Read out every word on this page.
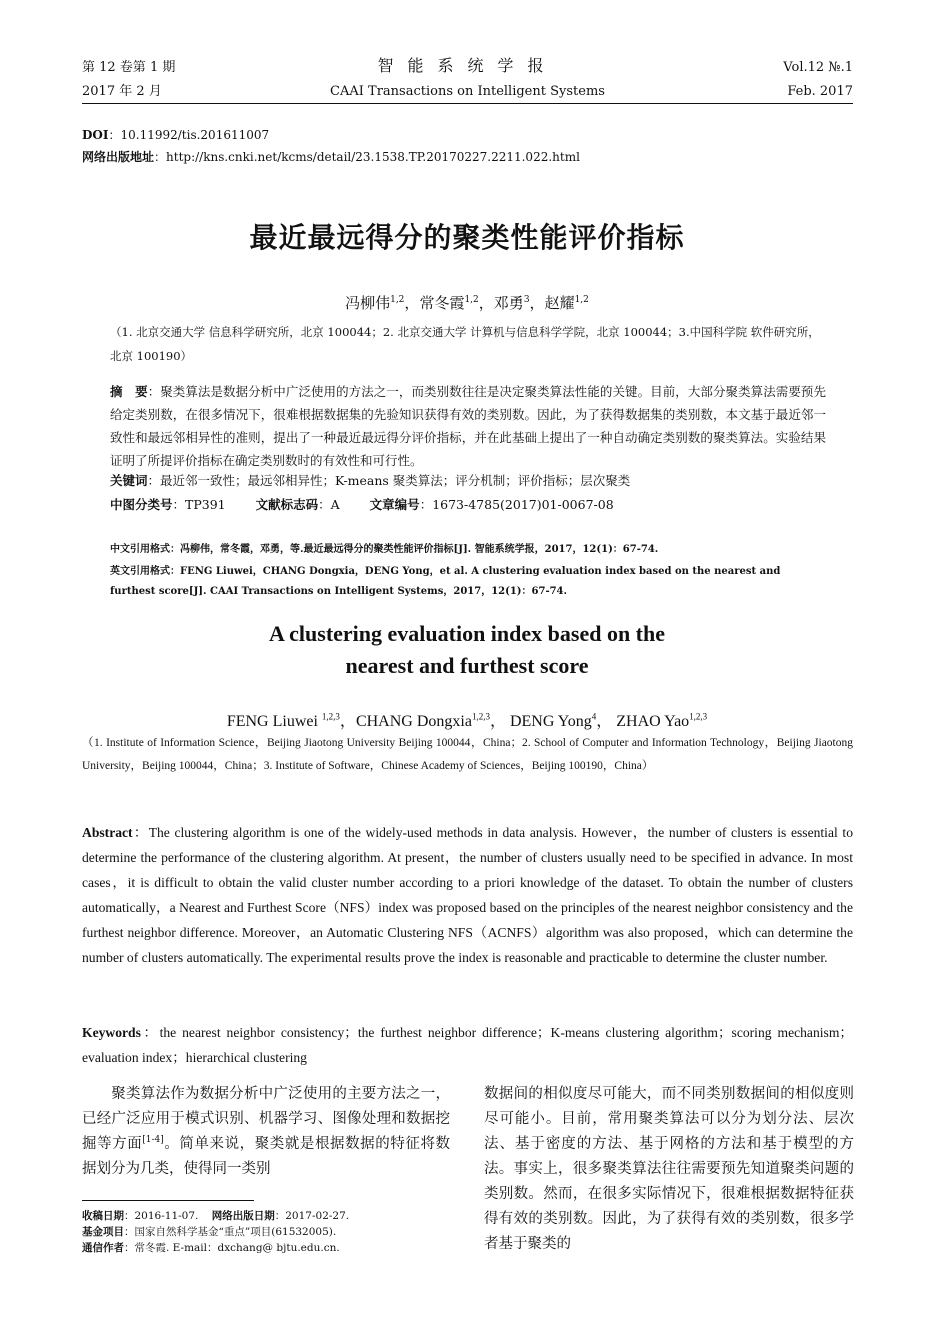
第 12 卷第 1 期	智能系统学报	Vol.12 №.1
2017 年 2 月	CAAI Transactions on Intelligent Systems	Feb. 2017
DOI：10.11992/tis.201611007
网络出版地址：http://kns.cnki.net/kcms/detail/23.1538.TP.20170227.2211.022.html
最近最远得分的聚类性能评价指标
冯柳伟$^{1,2}$，常冬霞$^{1,2}$，邓勇$^3$，赵耀$^{1,2}$
（1. 北京交通大学 信息科学研究所，北京 100044；2. 北京交通大学 计算机与信息科学学院，北京 100044；3.中国科学院 软件研究所，北京 100190）
摘　要：聚类算法是数据分析中广泛使用的方法之一，而类别数往往是决定聚类算法性能的关键。目前，大部分聚类算法需要预先给定类别数，在很多情况下，很难根据数据集的先验知识获得有效的类别数。因此，为了获得数据集的类别数，本文基于最近邻一致性和最远邻相异性的准则，提出了一种最近最远得分评价指标，并在此基础上提出了一种自动确定类别数的聚类算法。实验结果证明了所提评价指标在确定类别数时的有效性和可行性。
关键词：最近邻一致性；最远邻相异性；K-means 聚类算法；评分机制；评价指标；层次聚类
中图分类号：TP391 文献标志码：A 文章编号：1673-4785(2017)01-0067-08
中文引用格式：冯柳伟，常冬霞，邓勇，等.最近最远得分的聚类性能评价指标[J]. 智能系统学报，2017，12(1)：67-74.
英文引用格式：FENG Liuwei，CHANG Dongxia，DENG Yong，et al. A clustering evaluation index based on the nearest and furthest score[J]. CAAI Transactions on Intelligent Systems，2017，12(1)：67-74.
A clustering evaluation index based on the
nearest and furthest score
FENG Liuwei $^{1,2,3}$，CHANG Dongxia$^{1,2,3}$， DENG Yong$^4$， ZHAO Yao$^{1,2,3}$
（1. Institute of Information Science，Beijing Jiaotong University Beijing 100044，China；2. School of Computer and Information Technology，Beijing Jiaotong University，Beijing 100044，China；3. Institute of Software，Chinese Academy of Sciences，Beijing 100190，China）
Abstract：The clustering algorithm is one of the widely-used methods in data analysis. However，the number of clusters is essential to determine the performance of the clustering algorithm. At present，the number of clusters usually need to be specified in advance. In most cases，it is difficult to obtain the valid cluster number according to a priori knowledge of the dataset. To obtain the number of clusters automatically，a Nearest and Furthest Score（NFS）index was proposed based on the principles of the nearest neighbor consistency and the furthest neighbor difference. Moreover，an Automatic Clustering NFS（ACNFS）algorithm was also proposed，which can determine the number of clusters automatically. The experimental results prove the index is reasonable and practicable to determine the cluster number.
Keywords：the nearest neighbor consistency；the furthest neighbor difference；K-means clustering algorithm；scoring mechanism；evaluation index；hierarchical clustering
聚类算法作为数据分析中广泛使用的主要方法之一，已经广泛应用于模式识别、机器学习、图像处理和数据挖掘等方面[1-4]。简单来说，聚类就是根据数据的特征将数据划分为几类，使得同一类别
数据间的相似度尽可能大，而不同类别数据间的相似度则尽可能小。目前，常用聚类算法可以分为划分法、层次法、基于密度的方法、基于网格的方法和基于模型的方法。事实上，很多聚类算法往往需要预先知道聚类问题的类别数。然而，在很多实际情况下，很难根据数据特征获得有效的类别数。因此，为了获得有效的类别数，很多学者基于聚类的
收稿日期：2016-11-07. 网络出版日期：2017-02-27.
基金项目：国家自然科学基金“重点”项目(61532005).
通信作者：常冬霞. E-mail：dxchang@ bjtu.edu.cn.
